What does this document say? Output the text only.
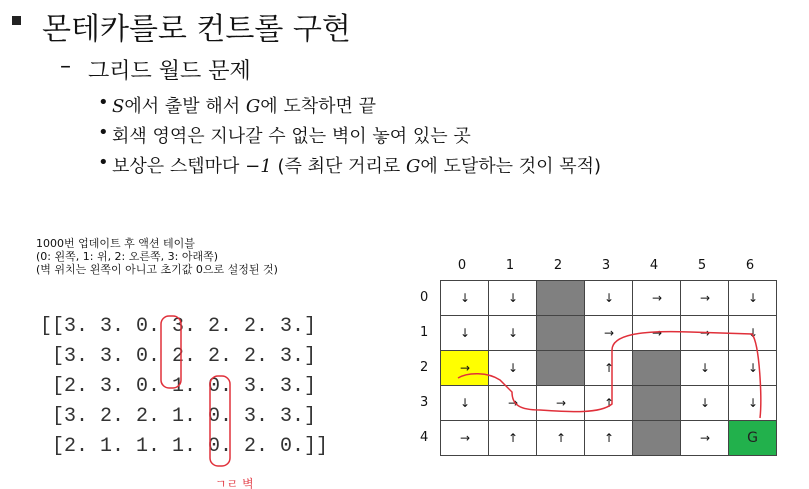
몬테카를로 컨트롤 구현
– 그리드 월드 문제
• S에서 출발 해서 G에 도착하면 끝
• 회색 영역은 지나갈 수 없는 벽이 놓여 있는 곳
• 보상은 스텝마다 −1 (즉 최단 거리로 G에 도달하는 것이 목적)
1000번 업데이트 후 액션 테이블
(0: 왼쪽, 1: 위, 2: 오른쪽, 3: 아래쪽)
(벽 위치는 왼쪽이 아니고 초기값 0으로 설정된 것)
[[3. 3. 0. 3. 2. 2. 3.]
[3. 3. 0. 2. 2. 2. 3.]
[2. 3. 0. 1. 0. 3. 3.]
[3. 2. 2. 1. 0. 3. 3.]
[2. 1. 1. 1. 0. 2. 0.]]
0	1	2	3	4	5	6
0
1
2
3
4
↓	↓		↓	→	→	↓

↓	↓		→	→	→	↓

→	↓		↑		↓	↓

↓	→	→	↑		↓	↓

→	↑	↑	↑		→	G
ㄱㄹ 벽
